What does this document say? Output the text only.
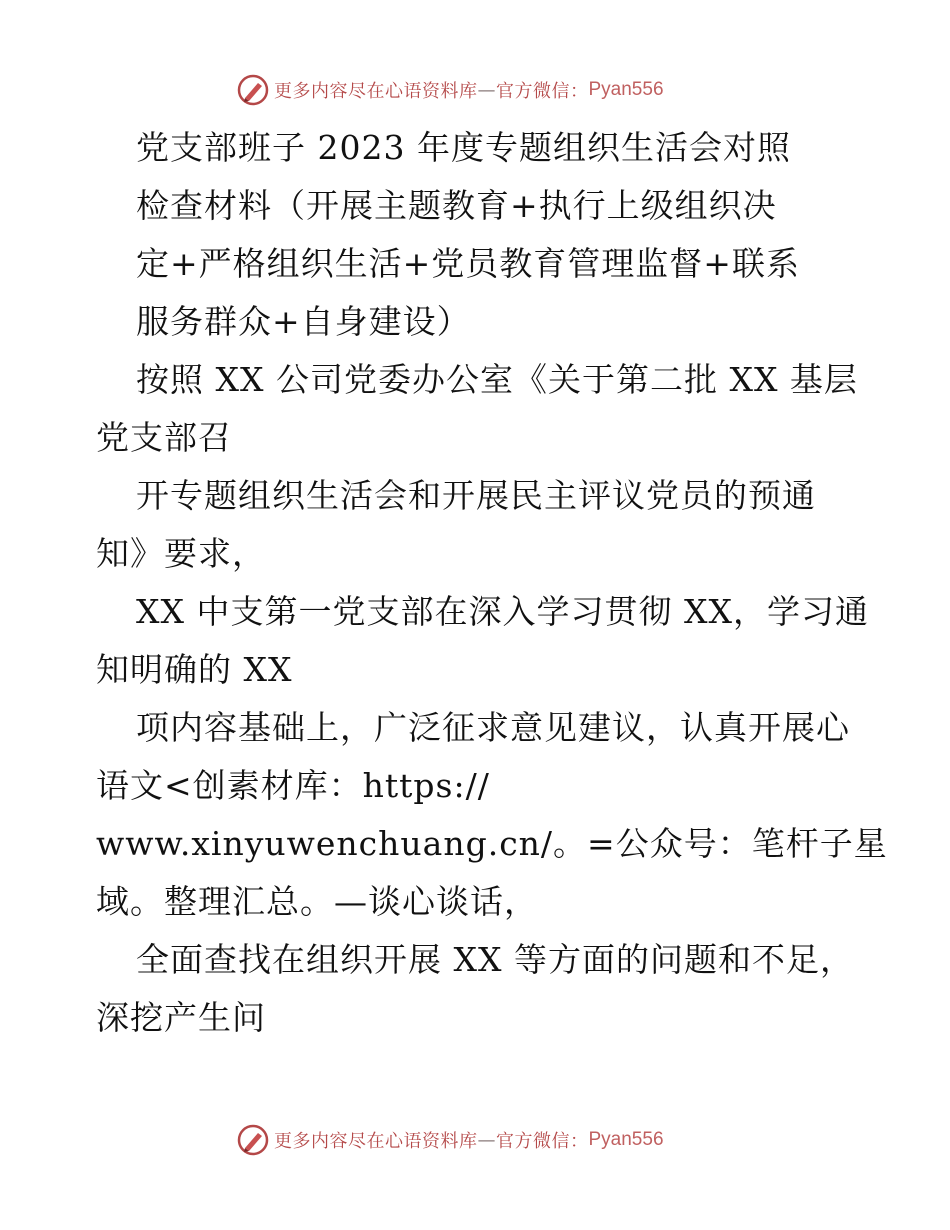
更多内容尽在心语资料库 — 官方微信： Pyan556
党支部班子 2023 年度专题组织生活会对照
检查材料（开展主题教育+执行上级组织决
定+严格组织生活+党员教育管理监督+联系
服务群众+自身建设）
按照 XX 公司党委办公室《关于第二批 XX 基层
党支部召
开专题组织生活会和开展民主评议党员的预通
知》要求，
XX 中支第一党支部在深入学习贯彻 XX，学习通
知明确的 XX
项内容基础上，广泛征求意见建议，认真开展心
语文<创素材库：https://
www.xinyuwenchuang.cn/。=公众号：笔杆子星
域。整理汇总。—谈心谈话，
全面查找在组织开展 XX 等方面的问题和不足，
深挖产生问
更多内容尽在心语资料库 — 官方微信： Pyan556
